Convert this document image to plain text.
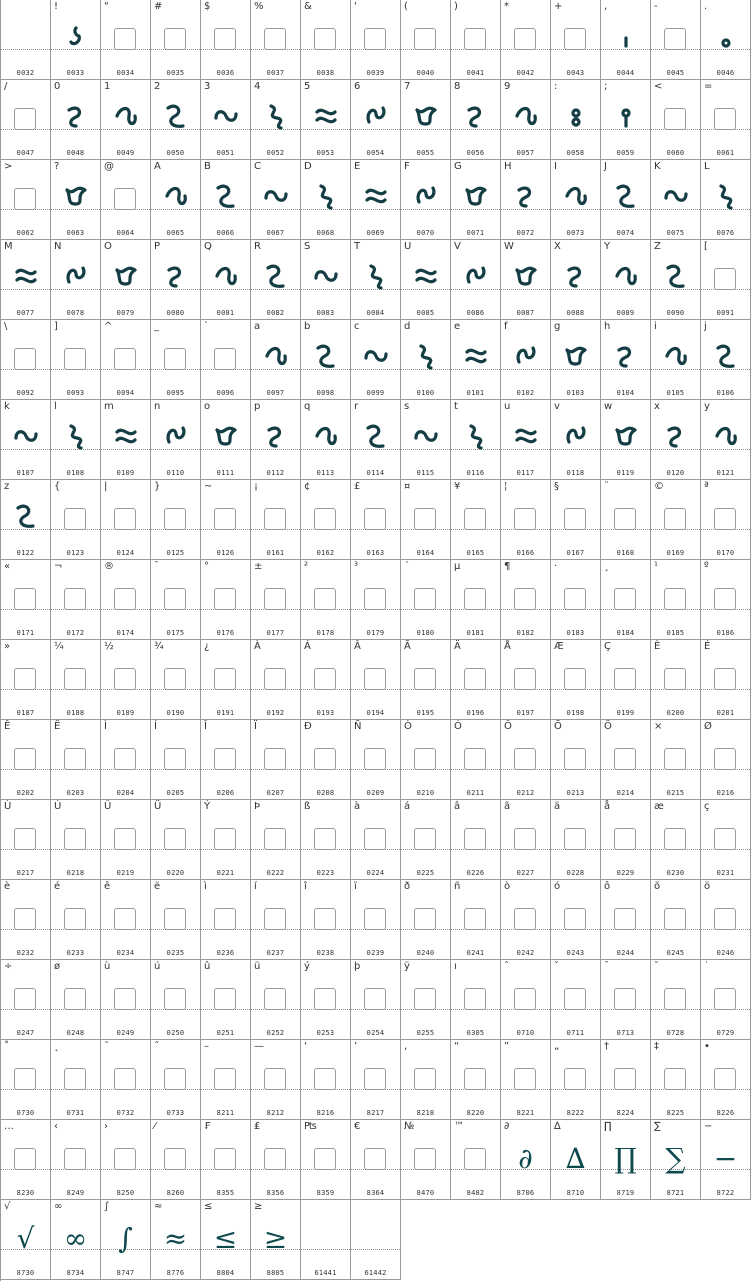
0032
!
0033
"
0034
#
0035
$
0036
%
0037
&
0038
'
0039
(
0040
)
0041
*
0042
+
0043
,
0044
-
0045
.
0046
/
0047
0
0048
1
0049
2
0050
3
0051
4
0052
5
0053
6
0054
7
0055
8
0056
9
0057
:
0058
;
0059
<
0060
=
0061
>
0062
?
0063
@
0064
A
0065
B
0066
C
0067
D
0068
E
0069
F
0070
G
0071
H
0072
I
0073
J
0074
K
0075
L
0076
M
0077
N
0078
O
0079
P
0080
Q
0081
R
0082
S
0083
T
0084
U
0085
V
0086
W
0087
X
0088
Y
0089
Z
0090
[
0091
\
0092
]
0093
^
0094
_
0095
`
0096
a
0097
b
0098
c
0099
d
0100
e
0101
f
0102
g
0103
h
0104
i
0105
j
0106
k
0107
l
0108
m
0109
n
0110
o
0111
p
0112
q
0113
r
0114
s
0115
t
0116
u
0117
v
0118
w
0119
x
0120
y
0121
z
0122
{
0123
|
0124
}
0125
~
0126
¡
0161
¢
0162
£
0163
¤
0164
¥
0165
¦
0166
§
0167
¨
0168
©
0169
ª
0170
«
0171
¬
0172
®
0174
¯
0175
°
0176
±
0177
²
0178
³
0179
´
0180
µ
0181
¶
0182
·
0183
¸
0184
¹
0185
º
0186
»
0187
¼
0188
½
0189
¾
0190
¿
0191
À
0192
Á
0193
Â
0194
Ã
0195
Ä
0196
Å
0197
Æ
0198
Ç
0199
È
0200
É
0201
Ê
0202
Ë
0203
Ì
0204
Í
0205
Î
0206
Ï
0207
Ð
0208
Ñ
0209
Ò
0210
Ó
0211
Ô
0212
Õ
0213
Ö
0214
×
0215
Ø
0216
Ù
0217
Ú
0218
Û
0219
Ü
0220
Ý
0221
Þ
0222
ß
0223
à
0224
á
0225
â
0226
ã
0227
ä
0228
å
0229
æ
0230
ç
0231
è
0232
é
0233
ê
0234
ë
0235
ì
0236
í
0237
î
0238
ï
0239
ð
0240
ñ
0241
ò
0242
ó
0243
ô
0244
õ
0245
ö
0246
÷
0247
ø
0248
ù
0249
ú
0250
û
0251
ü
0252
ý
0253
þ
0254
ÿ
0255
ı
0305
ˆ
0710
ˇ
0711
ˉ
0713
˘
0728
˙
0729
˚
0730
˛
0731
˜
0732
˝
0733
–
8211
—
8212
‘
8216
’
8217
‚
8218
“
8220
”
8221
„
8222
†
8224
‡
8225
•
8226
…
8230
‹
8249
›
8250
⁄
8260
₣
8355
₤
8356
₧
8359
€
8364
№
8470
™
8482
∂
∂
8706
∆
∆
8710
∏
∏
8719
∑
∑
8721
−
−
8722
√
√
8730
∞
∞
8734
∫
∫
8747
≈
≈
8776
≤
≤
8804
≥
≥
8805	61441	61442
